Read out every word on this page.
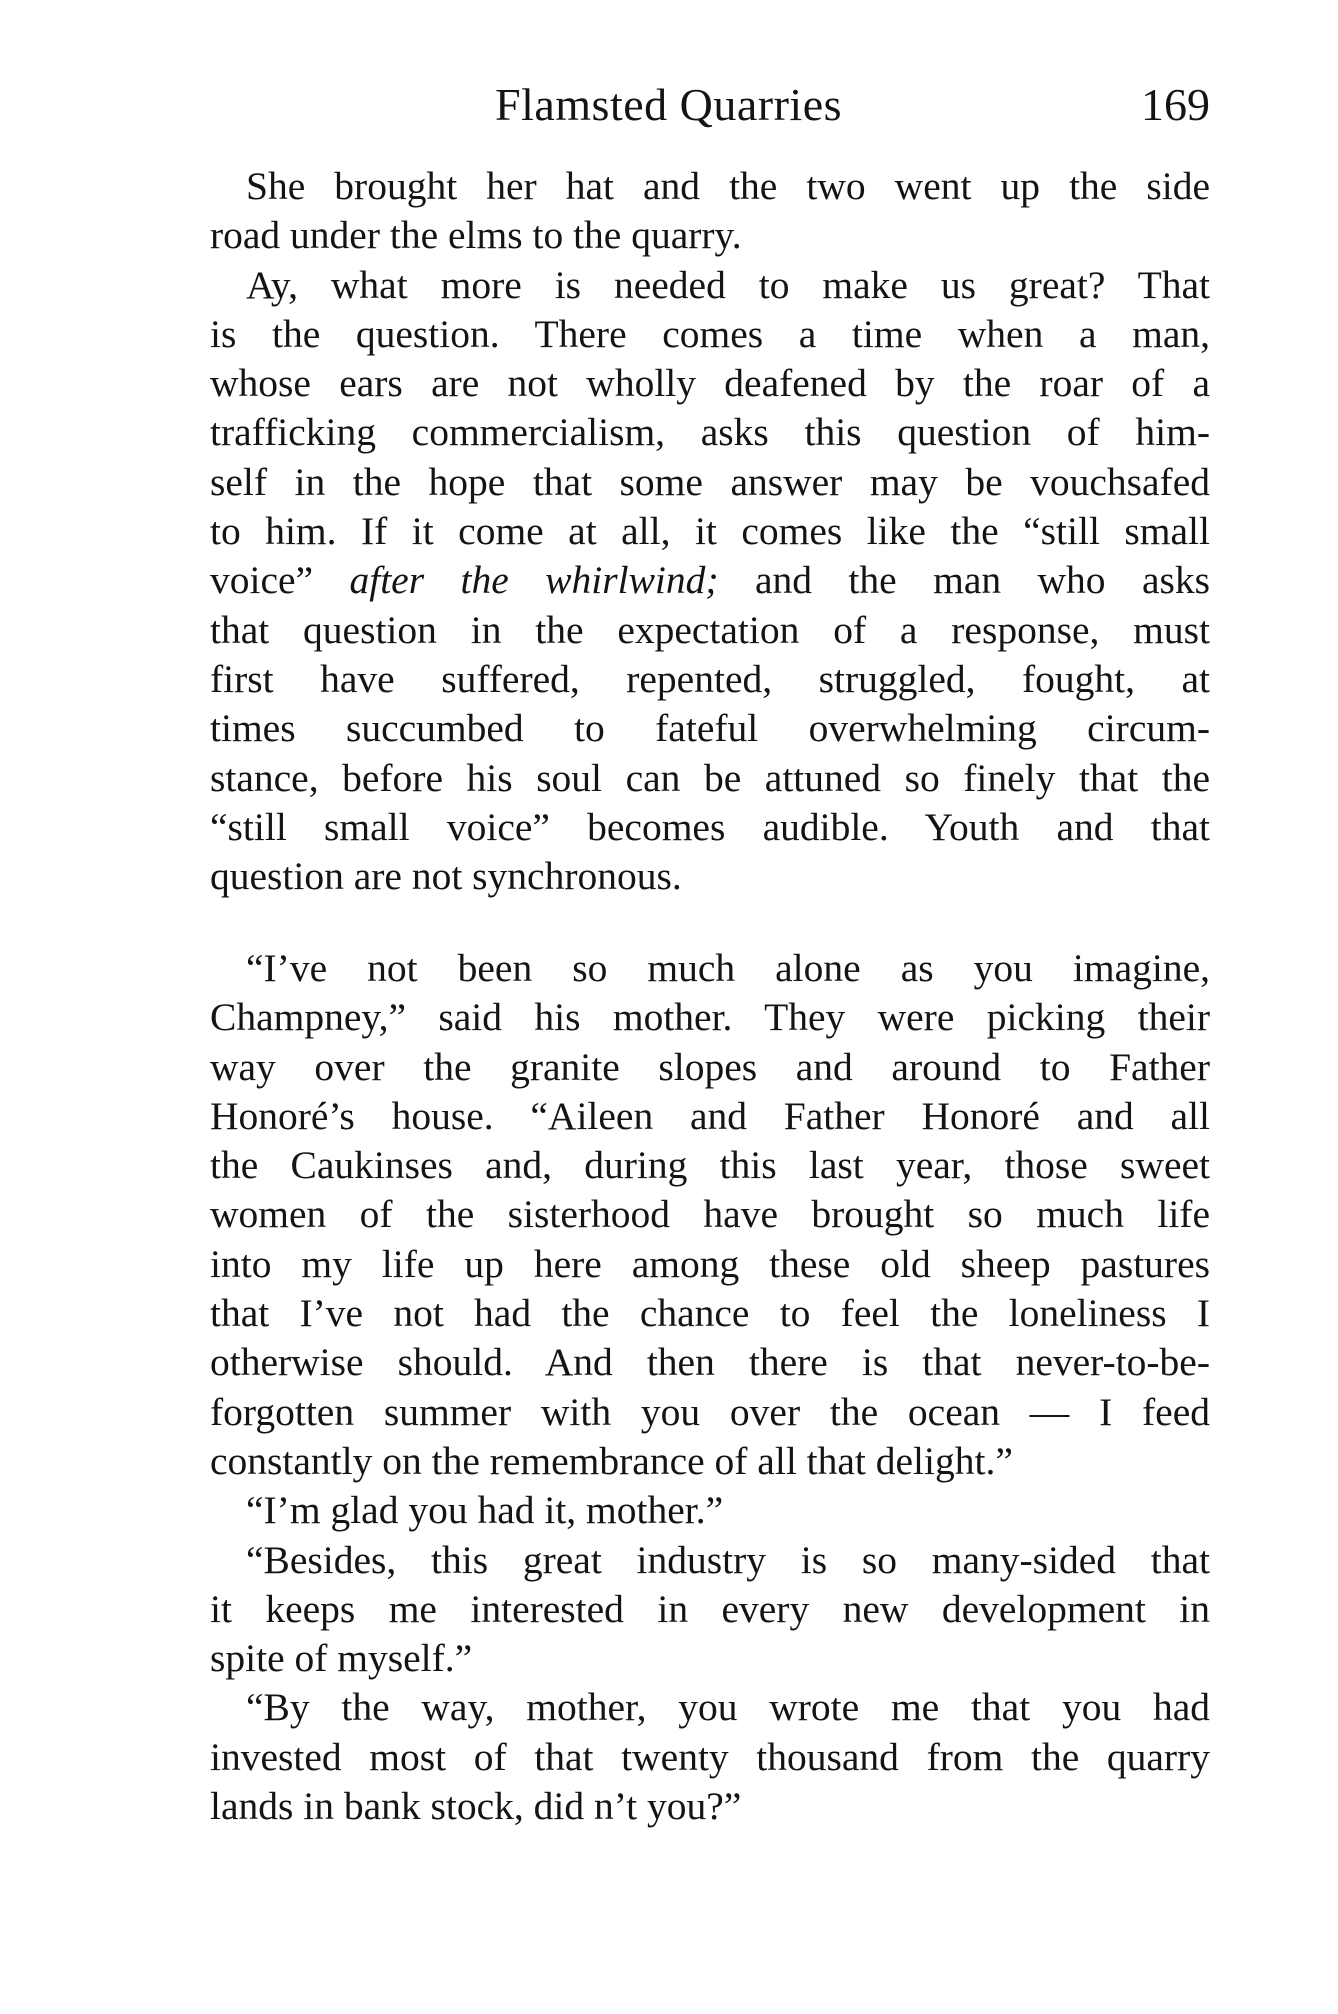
Flamsted Quarries	169
She brought her hat and the two went up the side
road under the elms to the quarry.
Ay, what more is needed to make us great? That
is the question. There comes a time when a man,
whose ears are not wholly deafened by the roar of a
trafficking commercialism, asks this question of him-
self in the hope that some answer may be vouchsafed
to him. If it come at all, it comes like the “still small
voice” after the whirlwind; and the man who asks
that question in the expectation of a response, must
first have suffered, repented, struggled, fought, at
times succumbed to fateful overwhelming circum-
stance, before his soul can be attuned so finely that the
“still small voice” becomes audible. Youth and that
question are not synchronous.
“I’ve not been so much alone as you imagine,
Champney,” said his mother. They were picking their
way over the granite slopes and around to Father
Honoré’s house. “Aileen and Father Honoré and all
the Caukinses and, during this last year, those sweet
women of the sisterhood have brought so much life
into my life up here among these old sheep pastures
that I’ve not had the chance to feel the loneliness I
otherwise should. And then there is that never-to-be-
forgotten summer with you over the ocean — I feed
constantly on the remembrance of all that delight.”
“I’m glad you had it, mother.”
“Besides, this great industry is so many-sided that
it keeps me interested in every new development in
spite of myself.”
“By the way, mother, you wrote me that you had
invested most of that twenty thousand from the quarry
lands in bank stock, did n’t you?”
